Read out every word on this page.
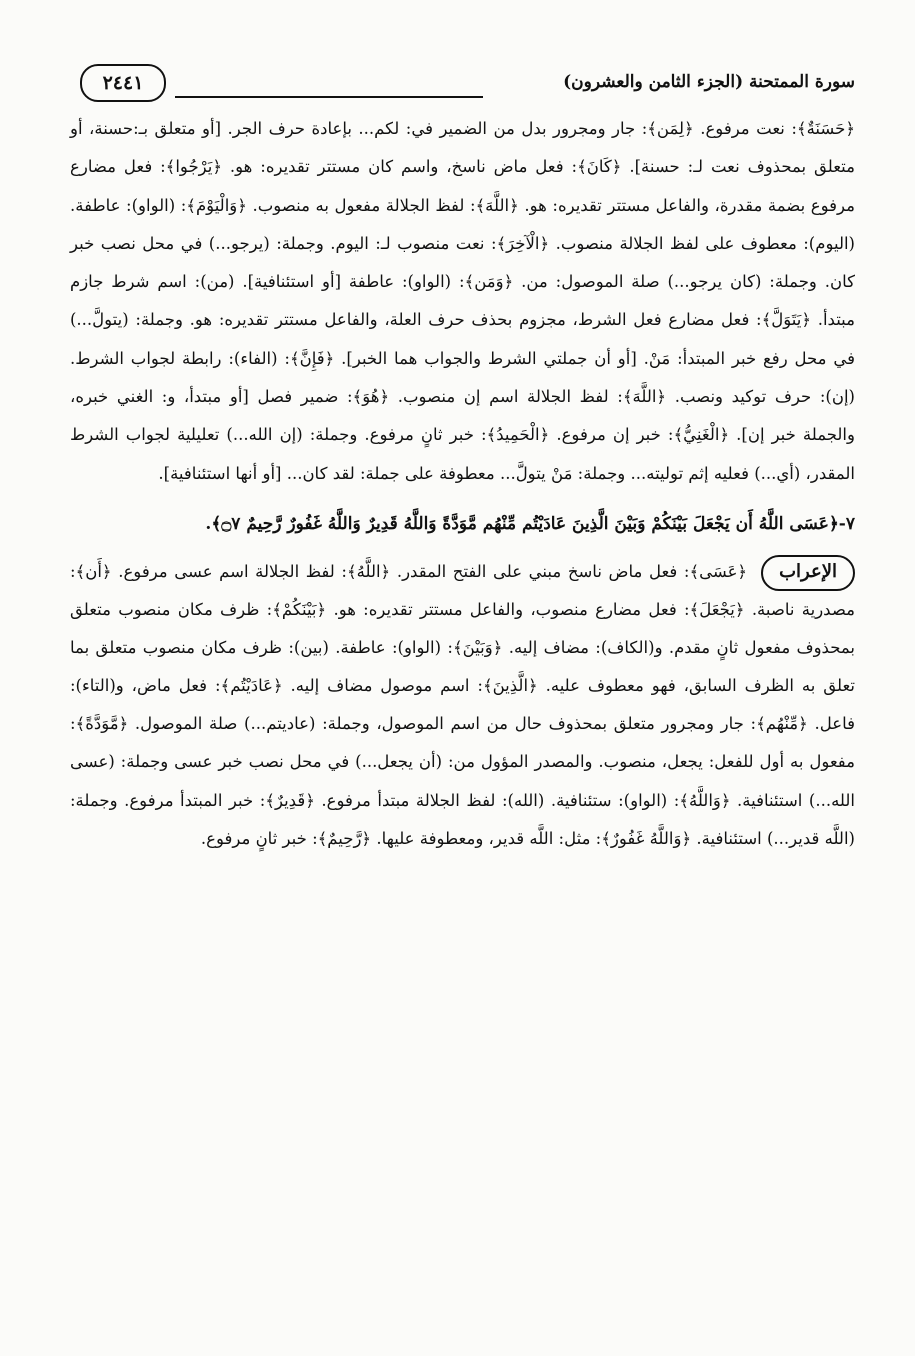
٢٤٤١	سورة الممتحنة (الجزء الثامن والعشرون)

﴿حَسَنَةٌ﴾: نعت مرفوع. ﴿لِمَن﴾: جار ومجرور بدل من الضمير في: لكم... بإعادة حرف الجر. [أو متعلق بـ:حسنة، أو متعلق بمحذوف نعت لـ: حسنة]. ﴿كَانَ﴾: فعل ماض ناسخ، واسم كان مستتر تقديره: هو. ﴿يَرْجُوا﴾: فعل مضارع مرفوع بضمة مقدرة، والفاعل مستتر تقديره: هو. ﴿اللَّهَ﴾: لفظ الجلالة مفعول به منصوب. ﴿وَالْيَوْمَ﴾: (الواو): عاطفة. (اليوم): معطوف على لفظ الجلالة منصوب. ﴿الْآخِرَ﴾: نعت منصوب لـ: اليوم. وجملة: (يرجو...) في محل نصب خبر كان. وجملة: (كان يرجو...) صلة الموصول: من. ﴿وَمَن﴾: (الواو): عاطفة [أو استئنافية]. (من): اسم شرط جازم مبتدأ. ﴿يَتَوَلَّ﴾: فعل مضارع فعل الشرط، مجزوم بحذف حرف العلة، والفاعل مستتر تقديره: هو. وجملة: (يتولَّ...) في محل رفع خبر المبتدأ: مَنْ. [أو أن جملتي الشرط والجواب هما الخبر]. ﴿فَإِنَّ﴾: (الفاء): رابطة لجواب الشرط. (إن): حرف توكيد ونصب. ﴿اللَّهَ﴾: لفظ الجلالة اسم إن منصوب. ﴿هُوَ﴾: ضمير فصل [أو مبتدأ، و: الغني خبره، والجملة خبر إن]. ﴿الْغَنِيُّ﴾: خبر إن مرفوع. ﴿الْحَمِيدُ﴾: خبر ثانٍ مرفوع. وجملة: (إن الله...) تعليلية لجواب الشرط المقدر، (أي...) فعليه إثم توليته... وجملة: مَنْ يتولَّ... معطوفة على جملة: لقد كان... [أو أنها استئنافية].

٧-﴿عَسَى اللَّهُ أَن يَجْعَلَ بَيْنَكُمْ وَبَيْنَ الَّذِينَ عَادَيْتُم مِّنْهُم مَّوَدَّةً وَاللَّهُ قَدِيرٌ وَاللَّهُ غَفُورٌ رَّحِيمٌ ۝٧﴾.
الإعراب
﴿عَسَى﴾: فعل ماض ناسخ مبني على الفتح المقدر. ﴿اللَّهُ﴾: لفظ الجلالة اسم عسى مرفوع. ﴿أَن﴾: مصدرية ناصبة. ﴿يَجْعَلَ﴾: فعل مضارع منصوب، والفاعل مستتر تقديره: هو. ﴿بَيْنَكُمْ﴾: ظرف مكان منصوب متعلق بمحذوف مفعول ثانٍ مقدم. و(الكاف): مضاف إليه. ﴿وَبَيْنَ﴾: (الواو): عاطفة. (بين): ظرف مكان منصوب متعلق بما تعلق به الظرف السابق، فهو معطوف عليه. ﴿الَّذِينَ﴾: اسم موصول مضاف إليه. ﴿عَادَيْتُم﴾: فعل ماض، و(التاء): فاعل. ﴿مِّنْهُم﴾: جار ومجرور متعلق بمحذوف حال من اسم الموصول، وجملة: (عاديتم...) صلة الموصول. ﴿مَّوَدَّةً﴾: مفعول به أول للفعل: يجعل، منصوب. والمصدر المؤول من: (أن يجعل...) في محل نصب خبر عسى وجملة: (عسى الله...) استئنافية. ﴿وَاللَّهُ﴾: (الواو): ستئنافية. (الله): لفظ الجلالة مبتدأ مرفوع. ﴿قَدِيرٌ﴾: خبر المبتدأ مرفوع. وجملة: (اللَّه قدير...) استئنافية. ﴿وَاللَّهُ غَفُورٌ﴾: مثل: اللَّه قدير، ومعطوفة عليها. ﴿رَّحِيمٌ﴾: خبر ثانٍ مرفوع.
